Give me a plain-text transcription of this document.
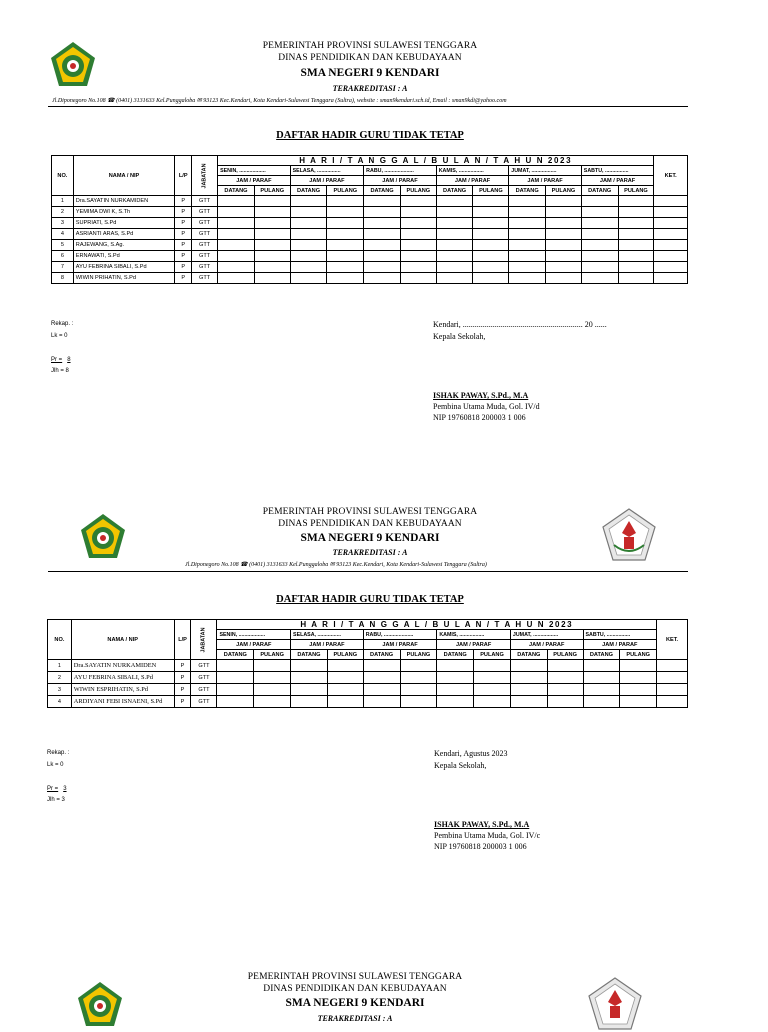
PEMERINTAH PROVINSI SULAWESI TENGGARA
DINAS PENDIDIKAN DAN KEBUDAYAAN
SMA NEGERI 9 KENDARI
TERAKREDITASI : A
Jl.Diponegoro No.108 ☎ (0401) 3131633 Kel.Punggaloba ✉ 93123 Kec.Kendari, Kota Kendari-Sulawesi Tenggara (Sultra), website : sman9kendari.sch.id, Email : sman9kdi@yahoo.com
DAFTAR HADIR GURU TIDAK TETAP
NO.	NAMA / NIP	L/P	JABATAN	H A R I / T A N G G A L / B U L A N / T A H U N 2023												KET.
				SENIN, ..................		SELASA, ................		RABU, ....................		KAMIS, .................		JUMAT, .................		SABTU, ................		
				JAM / PARAF		JAM / PARAF		JAM / PARAF		JAM / PARAF		JAM / PARAF		JAM / PARAF		
				DATANG	PULANG	DATANG	PULANG	DATANG	PULANG	DATANG	PULANG	DATANG	PULANG	DATANG	PULANG	
1	Dra.SAYATIN NURKAMIDEN	P	GTT													
2	YEMIMA DWI K, S.Th	P	GTT													
3	SUPRIATI, S.Pd	P	GTT													
4	ASRIANTI ARAS, S.Pd	P	GTT													
5	RAJEWANG, S.Ag.	P	GTT													
6	ERNAWATI, S.Pd	P	GTT													
7	AYU FEBRINA SIBALI, S.Pd	P	GTT													
8	WIWIN PRIHATIN, S.Pd	P	GTT													
Rekap. :
Lk = 0
Pr = 8
Jlh = 8
Kendari, ............................................................ 20 ......
Kepala Sekolah,
ISHAK PAWAY, S.Pd., M.A
Pembina Utama Muda, Gol. IV/d
NIP 19760818 200003 1 006
PEMERINTAH PROVINSI SULAWESI TENGGARA
DINAS PENDIDIKAN DAN KEBUDAYAAN
SMA NEGERI 9 KENDARI
TERAKREDITASI : A
Jl.Diponegoro No.108 ☎ (0401) 3131633 Kel.Punggaloba ✉ 93123 Kec.Kendari, Kota Kendari-Sulawesi Tenggara (Sultra)
DAFTAR HADIR GURU TIDAK TETAP
NO.	NAMA / NIP	L/P	JABATAN	H A R I / T A N G G A L / B U L A N / T A H U N 2023												KET.
				SENIN, ..................		SELASA, ................		RABU, ....................		KAMIS, .................		JUMAT, .................		SABTU, ................		
				JAM / PARAF		JAM / PARAF		JAM / PARAF		JAM / PARAF		JAM / PARAF		JAM / PARAF		
				DATANG	PULANG	DATANG	PULANG	DATANG	PULANG	DATANG	PULANG	DATANG	PULANG	DATANG	PULANG	
1	Dra.SAYATIN NURKAMIDEN	P	GTT													
2	AYU FEBRINA SIBALI, S.Pd	P	GTT													
3	WIWIN ESPRIHATIN, S.Pd	P	GTT													
4	ARDIYANI FEBI ISNAENI, S.Pd	P	GTT													
Rekap. :
Lk = 0
Pr = 3
Jlh = 3
Kendari, Agustus 2023
Kepala Sekolah,
ISHAK PAWAY, S.Pd., M.A
Pembina Utama Muda, Gol. IV/c
NIP 19760818 200003 1 006
PEMERINTAH PROVINSI SULAWESI TENGGARA
DINAS PENDIDIKAN DAN KEBUDAYAAN
SMA NEGERI 9 KENDARI
TERAKREDITASI : A
